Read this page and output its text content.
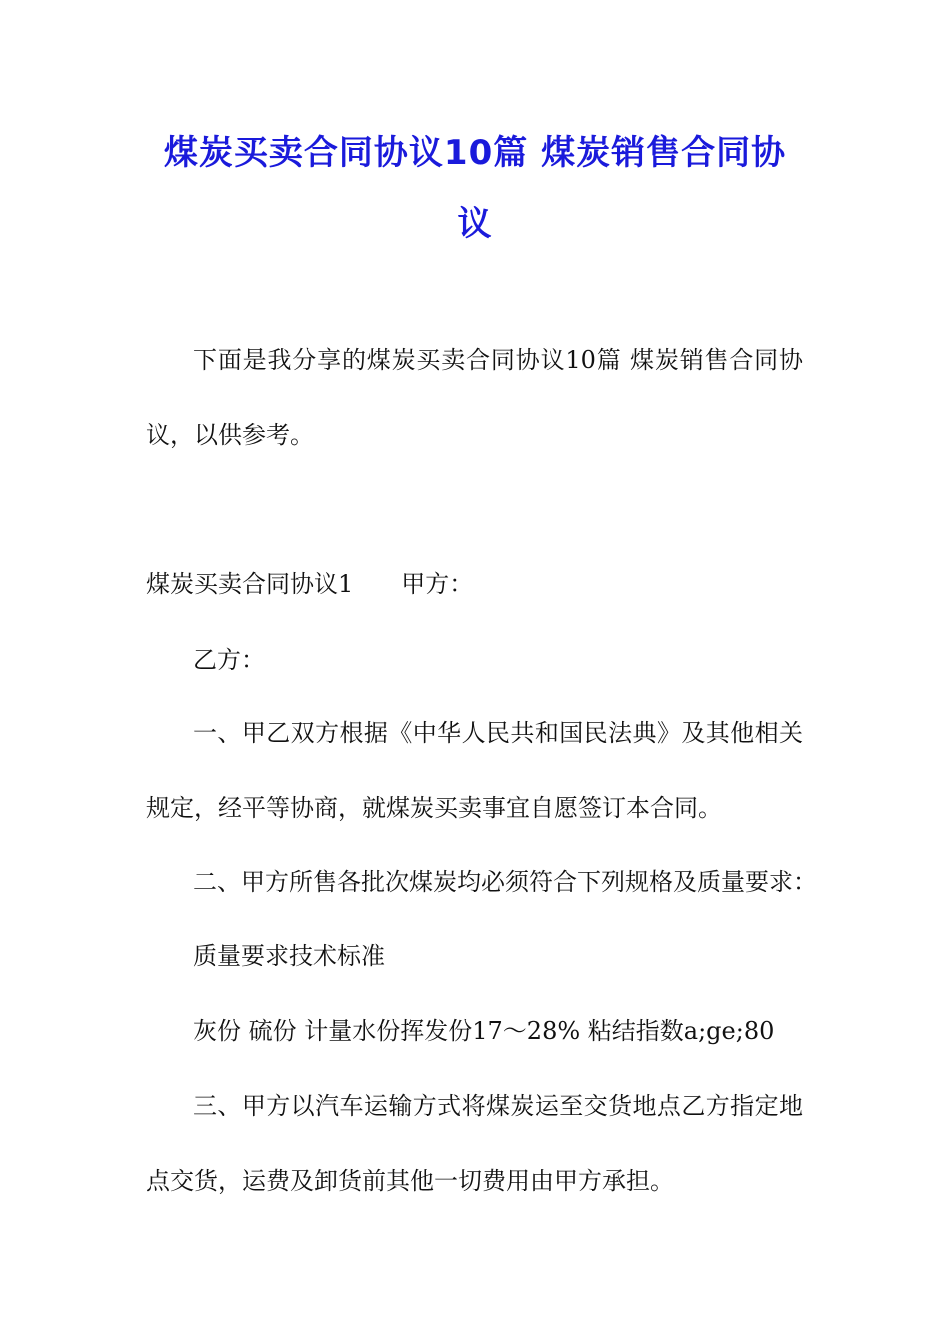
煤炭买卖合同协议10篇 煤炭销售合同协
议
下面是我分享的煤炭买卖合同协议10篇 煤炭销售合同协
议，以供参考。
煤炭买卖合同协议1　　甲方：
乙方：
一、甲乙双方根据《中华人民共和国民法典》及其他相关
规定，经平等协商，就煤炭买卖事宜自愿签订本合同。
二、甲方所售各批次煤炭均必须符合下列规格及质量要求：
质量要求技术标准
灰份 硫份 计量水份挥发份17～28% 粘结指数a;ge;80
三、甲方以汽车运输方式将煤炭运至交货地点乙方指定地
点交货，运费及卸货前其他一切费用由甲方承担。
